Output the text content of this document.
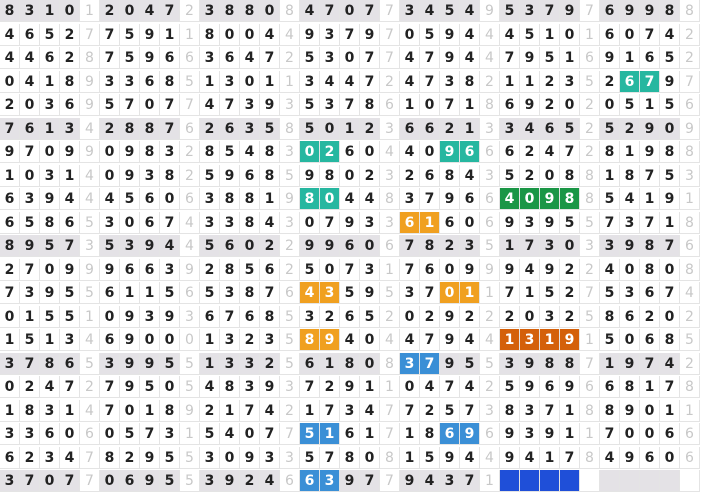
8 3 1 0 1 2 0 4 7 2 3 8 8 0 8 4 7 0 7 7 3 4 5 4 9 5 3 7 9 7 6 9 9 8 8
4 6 5 2 7 7 5 9 1 1 8 0 0 4 4 9 3 7 9 7 0 5 9 4 4 4 5 1 0 1 6 0 7 4 2
4 4 6 2 8 7 5 9 6 6 3 6 4 7 2 5 3 0 7 7 4 7 9 4 4 7 9 5 1 6 9 1 6 5 2
0 4 1 8 9 3 3 6 8 5 1 3 0 1 1 3 4 4 7 2 4 7 3 8 2 1 1 2 3 5 2 6 7 9 7
2 0 3 6 9 5 7 0 7 7 4 7 3 9 3 5 3 7 8 6 1 0 7 1 8 6 9 2 0 2 0 5 1 5 6
7 6 1 3 4 2 8 8 7 6 2 6 3 5 8 5 0 1 2 3 6 6 2 1 3 3 4 6 5 2 5 2 9 0 9
9 7 0 9 9 0 9 8 3 2 8 5 4 8 3 0 2 6 0 4 4 0 9 6 6 6 2 4 7 2 8 1 9 8 8
1 0 3 1 4 0 9 3 8 2 5 9 6 8 5 9 8 0 2 3 2 6 8 4 3 5 2 0 8 8 1 8 7 5 3
6 3 9 4 4 4 5 6 0 6 3 8 8 1 9 8 0 4 4 8 3 7 9 6 6 4 0 9 8 8 5 4 1 9 1
6 5 8 6 5 3 0 6 7 4 3 3 8 4 3 0 7 9 3 3 6 1 6 0 6 9 3 9 5 5 7 3 7 1 8
8 9 5 7 3 5 3 9 4 4 5 6 0 2 2 9 9 6 0 6 7 8 2 3 5 1 7 3 0 3 3 9 8 7 6
2 7 0 9 9 9 6 6 3 9 2 8 5 6 2 5 0 7 3 1 7 6 0 9 9 9 4 9 2 2 4 0 8 0 8
7 3 9 5 5 6 1 1 5 6 5 3 8 7 6 4 3 5 9 5 3 7 0 1 1 7 1 5 2 7 5 3 6 7 4
0 1 5 5 1 0 9 3 9 3 6 7 6 8 5 3 2 6 5 2 0 2 9 2 2 2 0 3 2 5 8 6 2 0 2
1 5 1 3 4 6 9 0 0 0 1 3 2 3 5 8 9 4 0 4 4 7 9 4 4 1 3 1 9 1 5 0 6 8 5
3 7 8 6 5 3 9 9 5 5 1 3 3 2 5 6 1 8 0 8 3 7 9 5 5 3 9 8 8 7 1 9 7 4 2
0 2 4 7 2 7 9 5 0 5 4 8 3 9 3 7 2 9 1 1 0 4 7 4 2 5 9 6 9 6 6 8 1 7 8
1 8 3 1 4 7 0 1 8 9 2 1 7 4 2 1 7 3 4 7 7 2 5 7 3 8 3 7 1 8 8 9 0 1 1
3 3 6 0 6 0 5 7 3 1 5 4 0 7 7 5 1 6 1 7 1 8 6 9 6 9 3 9 1 1 7 0 0 6 6
6 2 3 4 7 8 2 9 5 5 3 0 9 3 3 5 7 8 0 8 1 5 9 4 4 9 4 1 7 8 4 9 6 0 6
3 7 0 7 7 0 6 9 5 5 3 9 2 4 6 6 3 9 7 7 9 4 3 7 1
